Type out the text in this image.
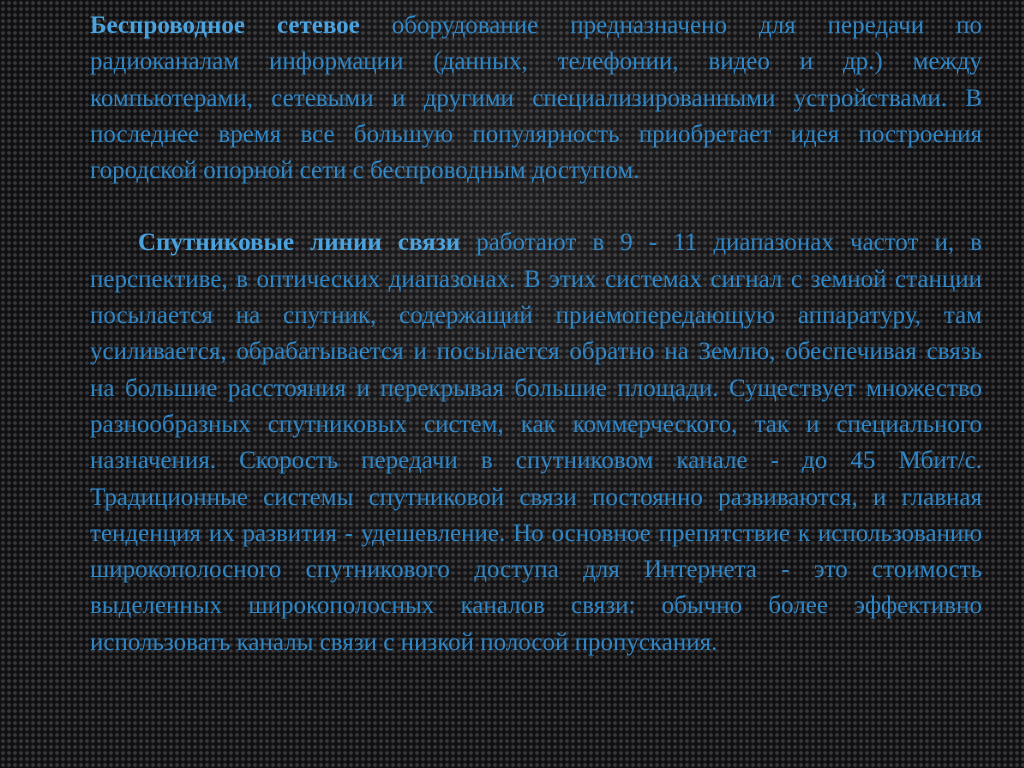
Беспроводное сетевое оборудование предназначено для передачи по радиоканалам информации (данных, телефонии, видео и др.) между компьютерами, сетевыми и другими специализированными устройствами. В последнее время все большую популярность приобретает идея построения городской опорной сети с беспроводным доступом.

Спутниковые линии связи работают в 9 - 11 диапазонах частот и, в перспективе, в оптических диапазонах. В этих системах сигнал с земной станции посылается на спутник, содержащий приемопередающую аппаратуру, там усиливается, обрабатывается и посылается обратно на Землю, обеспечивая связь на большие расстояния и перекрывая большие площади. Существует множество разнообразных спутниковых систем, как коммерческого, так и специального назначения. Скорость передачи в спутниковом канале - до 45 Мбит/с. Традиционные системы спутниковой связи постоянно развиваются, и главная тенденция их развития - удешевление. Но основное препятствие к использованию широкополосного спутникового доступа для Интернета - это стоимость выделенных широкополосных каналов связи: обычно более эффективно использовать каналы связи с низкой полосой пропускания.
